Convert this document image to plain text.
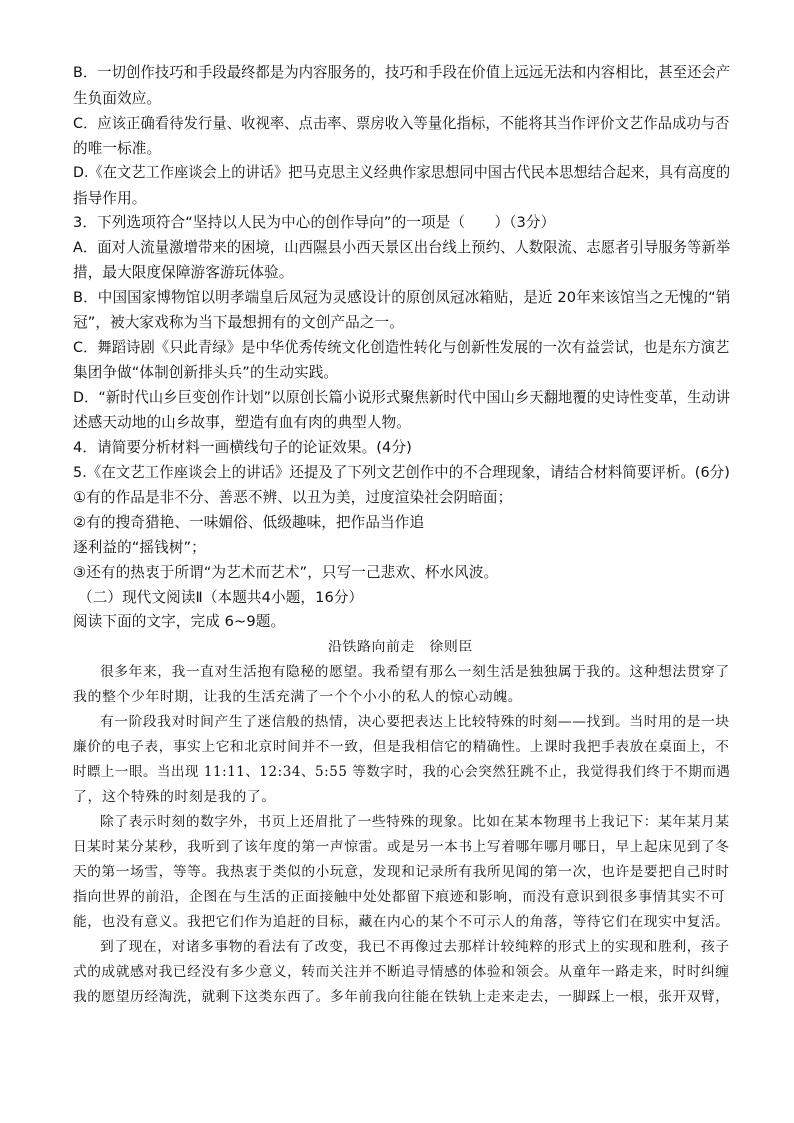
B．一切创作技巧和手段最终都是为内容服务的，技巧和手段在价值上远远无法和内容相比，甚至还会产
生负面效应。
C．应该正确看待发行量、收视率、点击率、票房收入等量化指标，不能将其当作评价文艺作品成功与否
的唯一标准。
D.《在文艺工作座谈会上的讲话》把马克思主义经典作家思想同中国古代民本思想结合起来，具有高度的
指导作用。
3．下列选项符合“坚持以人民为中心的创作导向”的一项是（　　）（3分）
A．面对人流量激增带来的困境，山西隰县小西天景区出台线上预约、人数限流、志愿者引导服务等新举
措，最大限度保障游客游玩体验。
B．中国国家博物馆以明孝端皇后凤冠为灵感设计的原创凤冠冰箱贴，是近 20年来该馆当之无愧的“销
冠”，被大家戏称为当下最想拥有的文创产品之一。
C．舞蹈诗剧《只此青绿》是中华优秀传统文化创造性转化与创新性发展的一次有益尝试，也是东方演艺
集团争做“体制创新排头兵”的生动实践。
D．“新时代山乡巨变创作计划”以原创长篇小说形式聚焦新时代中国山乡天翻地覆的史诗性变革，生动讲
述感天动地的山乡故事，塑造有血有肉的典型人物。
4．请简要分析材料一画横线句子的论证效果。(4分)
5.《在文艺工作座谈会上的讲话》还提及了下列文艺创作中的不合理现象，请结合材料简要评析。(6分)
①有的作品是非不分、善恶不辨、以丑为美，过度渲染社会阴暗面；
②有的搜奇猎艳、一味媚俗、低级趣味，把作品当作追
逐利益的“摇钱树”；
③还有的热衷于所谓“为艺术而艺术”，只写一己悲欢、杯水风波。
（二）现代文阅读Ⅱ（本题共4小题，16分）
阅读下面的文字，完成 6~9题。
沿铁路向前走　徐则臣
很多年来，我一直对生活抱有隐秘的愿望。我希望有那么一刻生活是独独属于我的。这种想法贯穿了
我的整个少年时期，让我的生活充满了一个个小小的私人的惊心动魄。
有一阶段我对时间产生了迷信般的热情，决心要把表达上比较特殊的时刻——找到。当时用的是一块
廉价的电子表，事实上它和北京时间并不一致，但是我相信它的精确性。上课时我把手表放在桌面上，不
时瞟上一眼。当出现 11:11、12:34、5:55 等数字时，我的心会突然狂跳不止，我觉得我们终于不期而遇
了，这个特殊的时刻是我的了。
除了表示时刻的数字外，书页上还眉批了一些特殊的现象。比如在某本物理书上我记下：某年某月某
日某时某分某秒，我听到了该年度的第一声惊雷。或是另一本书上写着哪年哪月哪日，早上起床见到了冬
天的第一场雪，等等。我热衷于类似的小玩意，发现和记录所有我所见闻的第一次，也许是要把自己时时
指向世界的前沿，企图在与生活的正面接触中处处都留下痕迹和影响，而没有意识到很多事情其实不可
能，也没有意义。我把它们作为追赶的目标，藏在内心的某个不可示人的角落，等待它们在现实中复活。
到了现在，对诸多事物的看法有了改变，我已不再像过去那样计较纯粹的形式上的实现和胜利，孩子
式的成就感对我已经没有多少意义，转而关注并不断追寻情感的体验和领会。从童年一路走来，时时纠缠
我的愿望历经淘洗，就剩下这类东西了。多年前我向往能在铁轨上走来走去，一脚踩上一根，张开双臂，
